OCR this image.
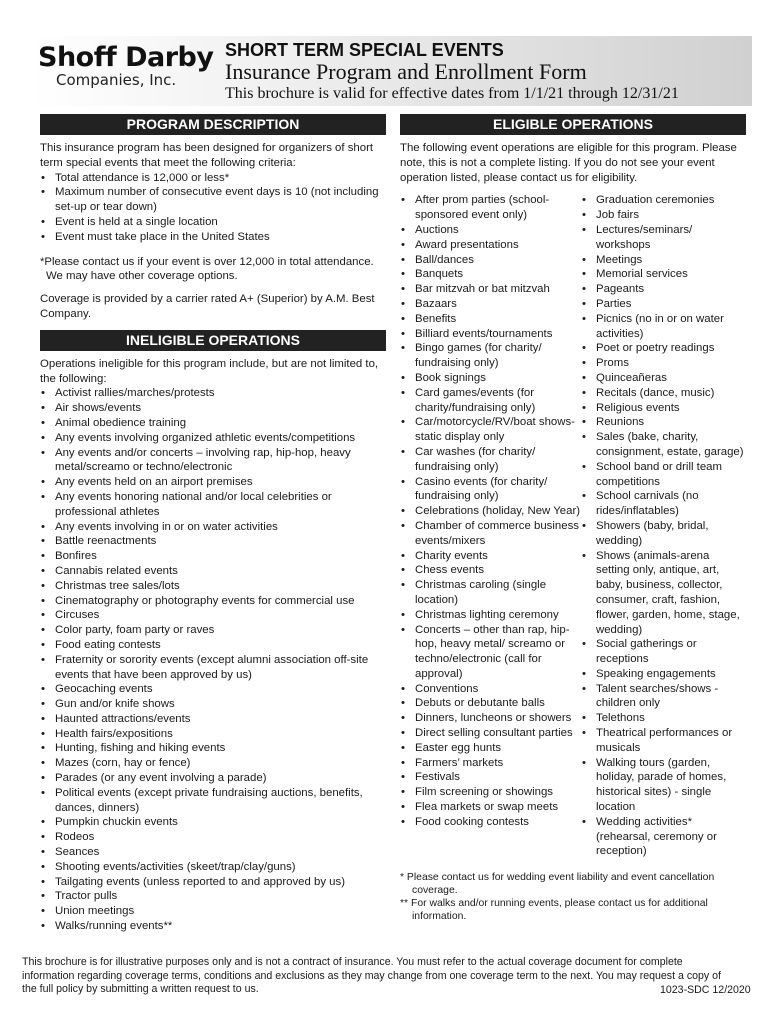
Shoff Darby
Companies, Inc.
SHORT TERM SPECIAL EVENTS
Insurance Program and Enrollment Form
This brochure is valid for effective dates from 1/1/21 through 12/31/21
PROGRAM DESCRIPTION

This insurance program has been designed for organizers of short term special events that meet the following criteria:

• Total attendance is 12,000 or less*
• Maximum number of consecutive event days is 10 (not including set-up or tear down)
• Event is held at a single location
• Event must take place in the United States

*Please contact us if your event is over 12,000 in total attendance. We may have other coverage options.

Coverage is provided by a carrier rated A+ (Superior) by A.M. Best Company.

INELIGIBLE OPERATIONS

Operations ineligible for this program include, but are not limited to, the following:

• Activist rallies/marches/protests
• Air shows/events
• Animal obedience training
• Any events involving organized athletic events/competitions
• Any events and/or concerts – involving rap, hip-hop, heavy metal/screamo or techno/electronic
• Any events held on an airport premises
• Any events honoring national and/or local celebrities or professional athletes
• Any events involving in or on water activities
• Battle reenactments
• Bonfires
• Cannabis related events
• Christmas tree sales/lots
• Cinematography or photography events for commercial use
• Circuses
• Color party, foam party or raves
• Food eating contests
• Fraternity or sorority events (except alumni association off-site events that have been approved by us)
• Geocaching events
• Gun and/or knife shows
• Haunted attractions/events
• Health fairs/expositions
• Hunting, fishing and hiking events
• Mazes (corn, hay or fence)
• Parades (or any event involving a parade)
• Political events (except private fundraising auctions, benefits, dances, dinners)
• Pumpkin chuckin events
• Rodeos
• Seances
• Shooting events/activities (skeet/trap/clay/guns)
• Tailgating events (unless reported to and approved by us)
• Tractor pulls
• Union meetings
• Walks/running events**
ELIGIBLE OPERATIONS

The following event operations are eligible for this program. Please note, this is not a complete listing. If you do not see your event operation listed, please contact us for eligibility.

• After prom parties (school-sponsored event only)
• Auctions
• Award presentations
• Ball/dances
• Banquets
• Bar mitzvah or bat mitzvah
• Bazaars
• Benefits
• Billiard events/tournaments
• Bingo games (for charity/ fundraising only)
• Book signings
• Card games/events (for charity/fundraising only)
• Car/motorcycle/RV/boat shows- static display only
• Car washes (for charity/ fundraising only)
• Casino events (for charity/ fundraising only)
• Celebrations (holiday, New Year)
• Chamber of commerce business events/mixers
• Charity events
• Chess events
• Christmas caroling (single location)
• Christmas lighting ceremony
• Concerts – other than rap, hip-hop, heavy metal/ screamo or techno/electronic (call for approval)
• Conventions
• Debuts or debutante balls
• Dinners, luncheons or showers
• Direct selling consultant parties
• Easter egg hunts
• Farmers’ markets
• Festivals
• Film screening or showings
• Flea markets or swap meets
• Food cooking contests
• Graduation ceremonies
• Job fairs
• Lectures/seminars/ workshops
• Meetings
• Memorial services
• Pageants
• Parties
• Picnics (no in or on water activities)
• Poet or poetry readings
• Proms
• Quinceañeras
• Recitals (dance, music)
• Religious events
• Reunions
• Sales (bake, charity, consignment, estate, garage)
• School band or drill team competitions
• School carnivals (no rides/inflatables)
• Showers (baby, bridal, wedding)
• Shows (animals-arena setting only, antique, art, baby, business, collector, consumer, craft, fashion, flower, garden, home, stage, wedding)
• Social gatherings or receptions
• Speaking engagements
• Talent searches/shows - children only
• Telethons
• Theatrical performances or musicals
• Walking tours (garden, holiday, parade of homes, historical sites) - single location
• Wedding activities* (rehearsal, ceremony or reception)
* Please contact us for wedding event liability and event cancellation coverage.
** For walks and/or running events, please contact us for additional information.

This brochure is for illustrative purposes only and is not a contract of insurance. You must refer to the actual coverage document for complete information regarding coverage terms, conditions and exclusions as they may change from one coverage term to the next. You may request a copy of the full policy by submitting a written request to us.	1023-SDC 12/2020
